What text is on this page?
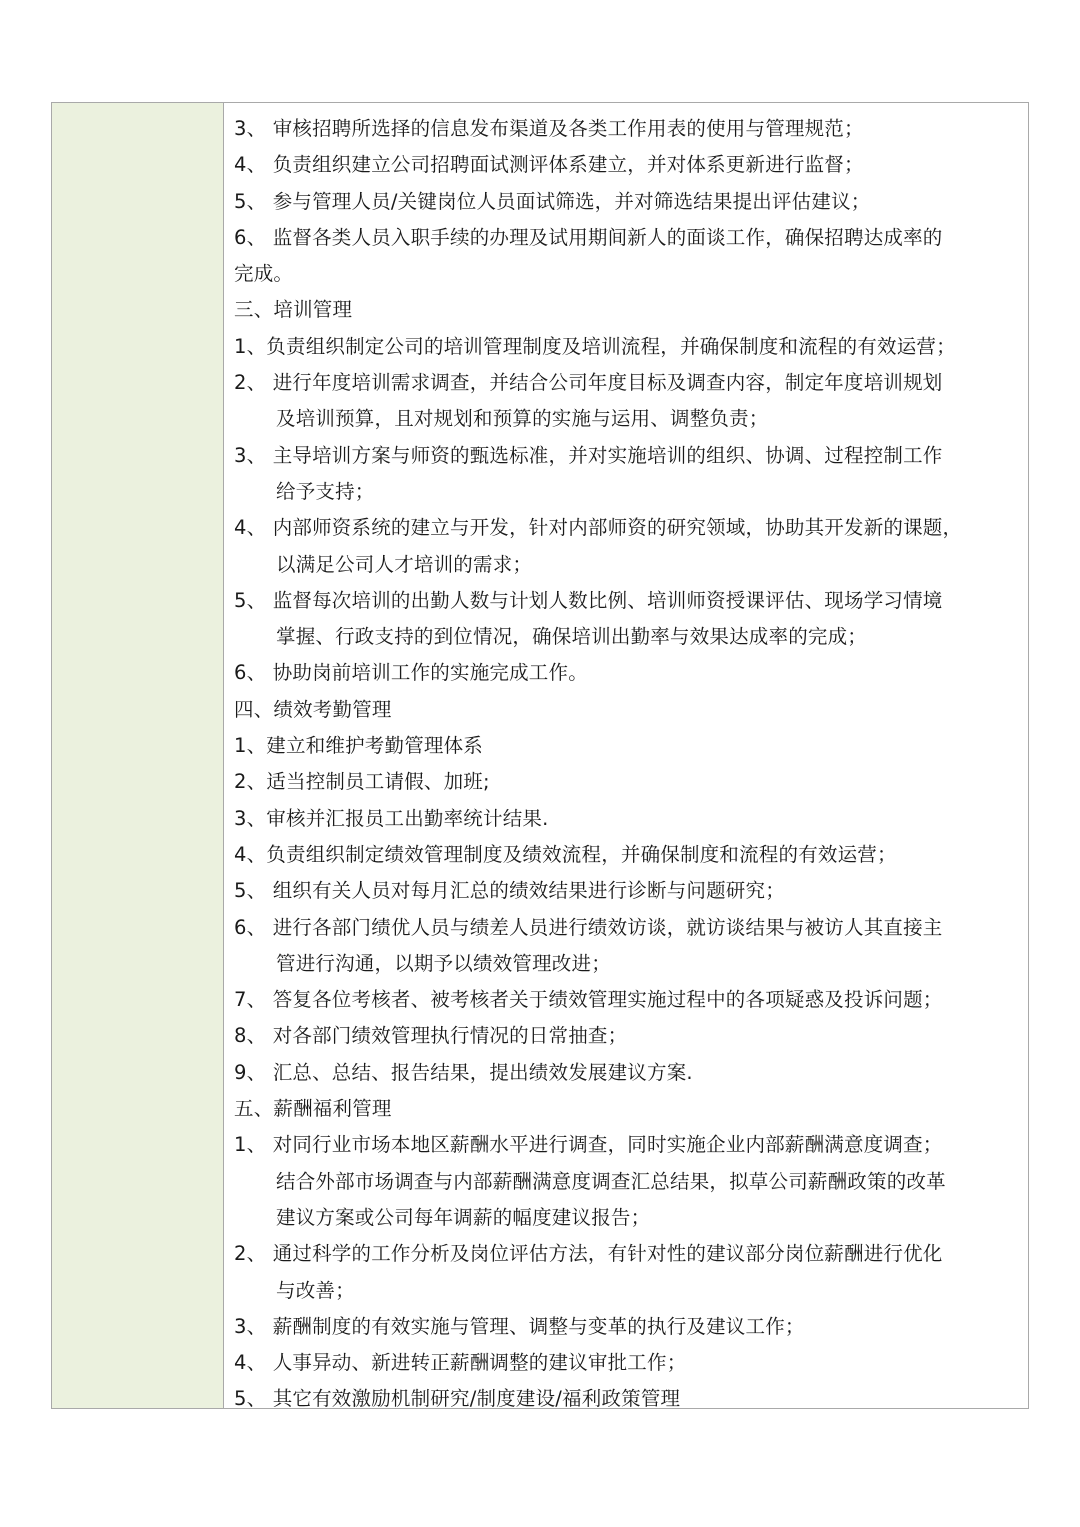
3、 审核招聘所选择的信息发布渠道及各类工作用表的使用与管理规范；
4、 负责组织建立公司招聘面试测评体系建立，并对体系更新进行监督；
5、 参与管理人员/关键岗位人员面试筛选，并对筛选结果提出评估建议；
6、 监督各类人员入职手续的办理及试用期间新人的面谈工作，确保招聘达成率的
完成。
三、培训管理
1、负责组织制定公司的培训管理制度及培训流程，并确保制度和流程的有效运营；
2、 进行年度培训需求调查，并结合公司年度目标及调查内容，制定年度培训规划
及培训预算，且对规划和预算的实施与运用、调整负责；
3、 主导培训方案与师资的甄选标准，并对实施培训的组织、协调、过程控制工作
给予支持；
4、 内部师资系统的建立与开发，针对内部师资的研究领域，协助其开发新的课题，
以满足公司人才培训的需求；
5、 监督每次培训的出勤人数与计划人数比例、培训师资授课评估、现场学习情境
掌握、行政支持的到位情况，确保培训出勤率与效果达成率的完成；
6、 协助岗前培训工作的实施完成工作。
四、绩效考勤管理
1、建立和维护考勤管理体系
2、适当控制员工请假、加班;
3、审核并汇报员工出勤率统计结果.
4、负责组织制定绩效管理制度及绩效流程，并确保制度和流程的有效运营；
5、 组织有关人员对每月汇总的绩效结果进行诊断与问题研究；
6、 进行各部门绩优人员与绩差人员进行绩效访谈，就访谈结果与被访人其直接主
管进行沟通，以期予以绩效管理改进；
7、 答复各位考核者、被考核者关于绩效管理实施过程中的各项疑惑及投诉问题；
8、 对各部门绩效管理执行情况的日常抽查；
9、 汇总、总结、报告结果，提出绩效发展建议方案.
五、薪酬福利管理
1、 对同行业市场本地区薪酬水平进行调查，同时实施企业内部薪酬满意度调查；
结合外部市场调查与内部薪酬满意度调查汇总结果，拟草公司薪酬政策的改革
建议方案或公司每年调薪的幅度建议报告；
2、 通过科学的工作分析及岗位评估方法，有针对性的建议部分岗位薪酬进行优化
与改善；
3、 薪酬制度的有效实施与管理、调整与变革的执行及建议工作；
4、 人事异动、新进转正薪酬调整的建议审批工作；
5、 其它有效激励机制研究/制度建设/福利政策管理
